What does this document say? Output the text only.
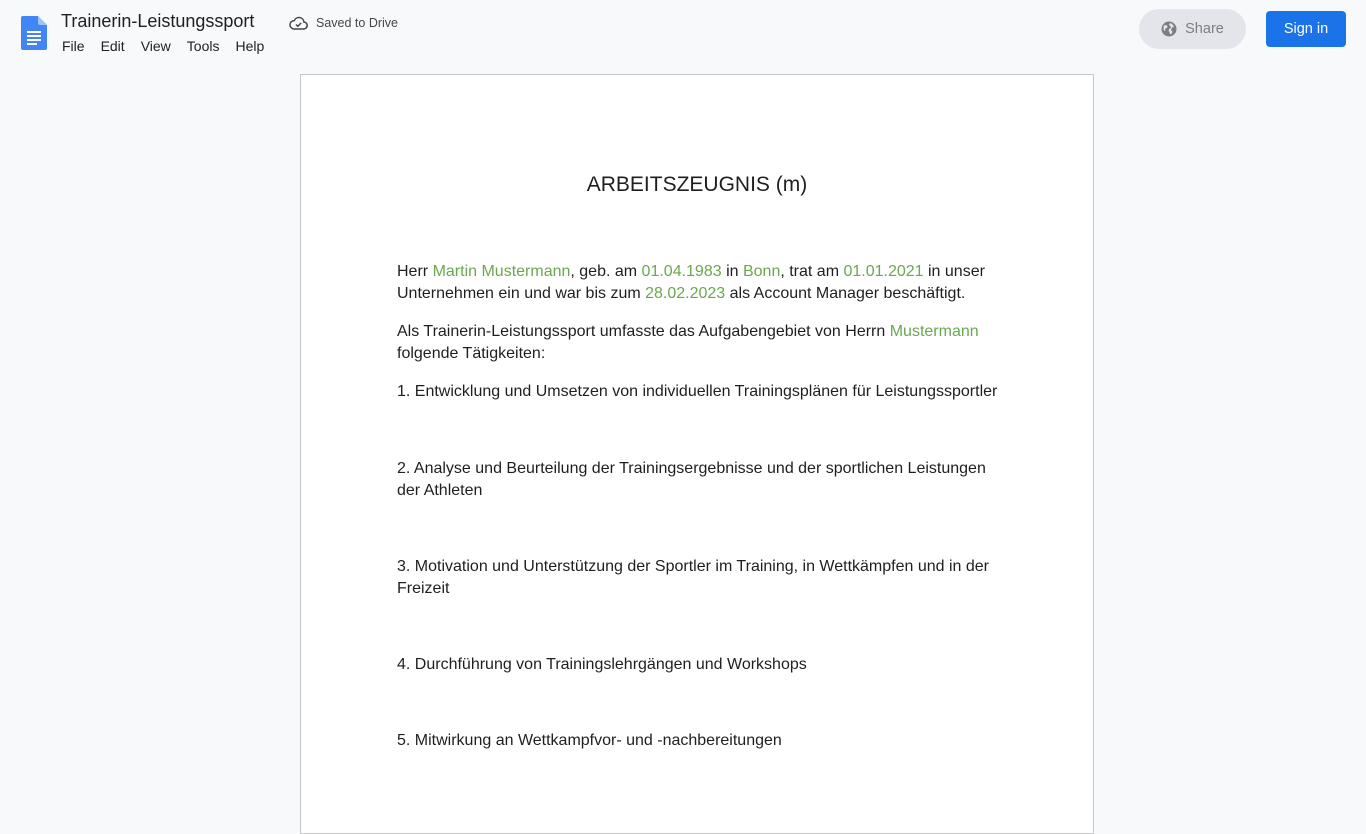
Trainerin-Leistungssport	Saved to Drive
File	Edit	View	Tools	Help
Share	Sign in
ARBEITSZEUGNIS (m)

Herr Martin Mustermann, geb. am 01.04.1983 in Bonn, trat am 01.01.2021 in unser Unternehmen ein und war bis zum 28.02.2023 als Account Manager beschäftigt.

Als Trainerin-Leistungssport umfasste das Aufgabengebiet von Herrn Mustermann folgende Tätigkeiten:

1. Entwicklung und Umsetzen von individuellen Trainingsplänen für Leistungssportler

2. Analyse und Beurteilung der Trainingsergebnisse und der sportlichen Leistungen der Athleten

3. Motivation und Unterstützung der Sportler im Training, in Wettkämpfen und in der Freizeit

4. Durchführung von Trainingslehrgängen und Workshops

5. Mitwirkung an Wettkampfvor- und -nachbereitungen
